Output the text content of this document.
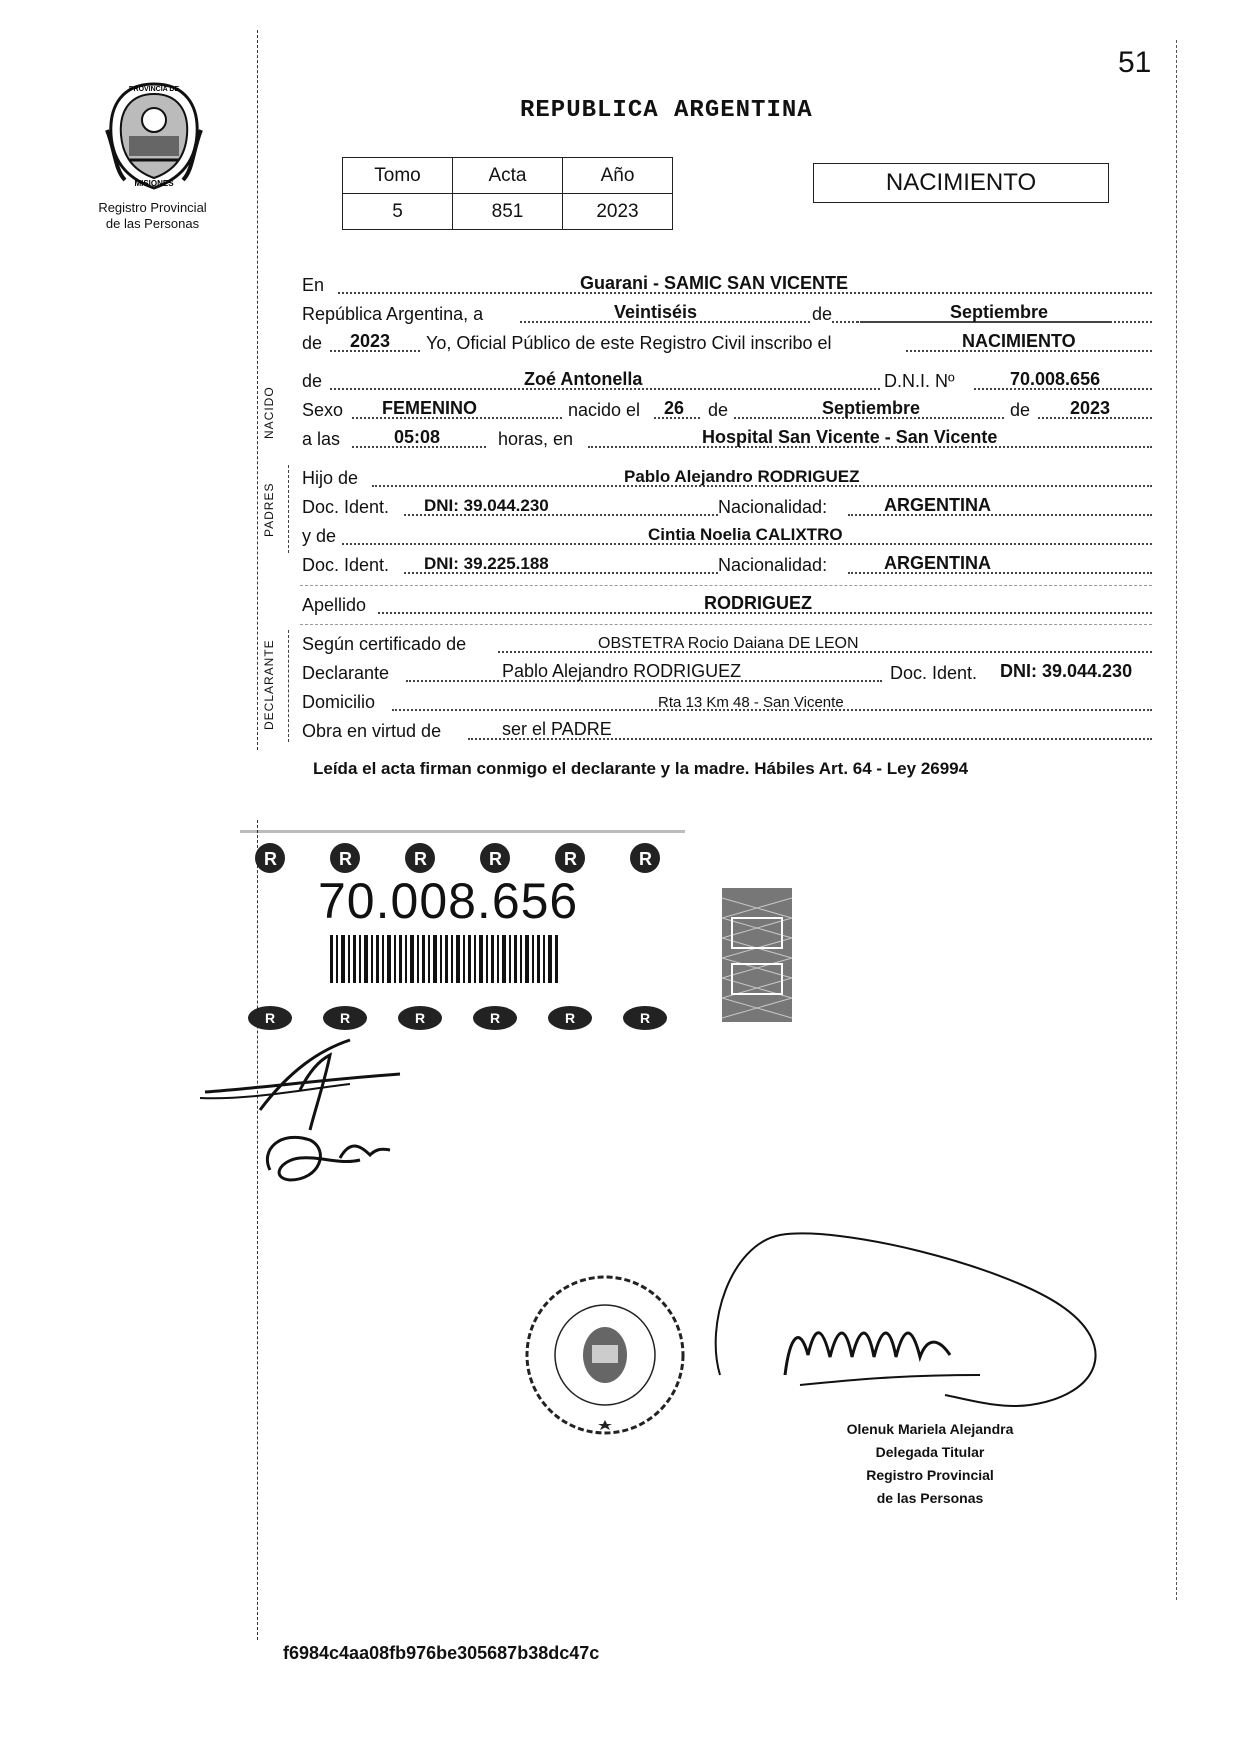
51
PROVINCIA DE
MISIONES
Registro Provincial
de las Personas
REPUBLICA ARGENTINA
Tomo	Acta	Año
5	851	2023
NACIMIENTO
NACIDO
PADRES
DECLARANTE
En	Guarani - SAMIC SAN VICENTE
República Argentina, a	Veintiséis	de	Septiembre
de 2023 Yo, Oficial Público de este Registro Civil inscribo el	NACIMIENTO
de	Zoé Antonella	D.N.I. Nº	70.008.656
Sexo FEMENINO	nacido el 26 de	Septiembre	de 2023
a las	05:08	horas, en	Hospital San Vicente - San Vicente
Hijo de	Pablo Alejandro RODRIGUEZ
Doc. Ident. DNI: 39.044.230	Nacionalidad:	ARGENTINA
y de	Cintia Noelia CALIXTRO
Doc. Ident. DNI: 39.225.188	Nacionalidad:	ARGENTINA
Apellido	RODRIGUEZ
Según certificado de	OBSTETRA Rocio Daiana DE LEON
Declarante	Pablo Alejandro RODRIGUEZ	Doc. Ident. DNI: 39.044.230
Domicilio	Rta 13 Km 48 - San Vicente
Obra en virtud de	ser el PADRE
Leída el acta firman conmigo el declarante y la madre. Hábiles Art. 64 - Ley 26994
R	R	R	R	R	R
70.008.656
R	R	R	R	R	R
Olenuk Mariela Alejandra
Delegada Titular
Registro Provincial
de las Personas
f6984c4aa08fb976be305687b38dc47c
